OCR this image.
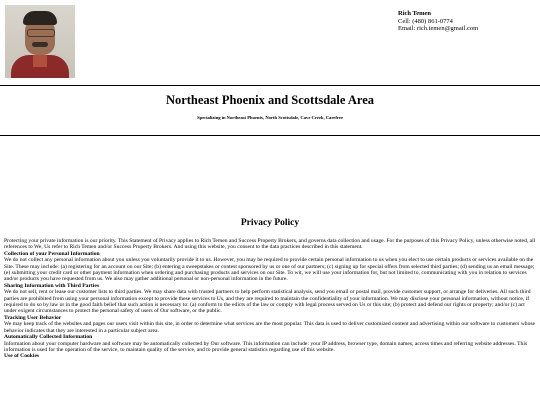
Rich Temen
Cell: (480) 861-0774
Email: rich.temen@gmail.com
Northeast Phoenix and Scottsdale Area
Specializing in Northeast Phoenix, North Scottsdale, Cave Creek, Carefree
Privacy Policy

Protecting your private information is our priority. This Statement of Privacy applies to Rich Temen and Success Property Brokers, and governs data collection and usage. For the purposes of this Privacy Policy, unless otherwise noted, all references to We, Us refer to Rich Temen and/or Success Property Brokers. And using this website, you consent to the data practices described in this statement.

Collection of your Personal Information

We do not collect any personal information about you unless you voluntarily provide it to us. However, you may be required to provide certain personal information to us when you elect to use certain products or services available on the Site. These may include: (a) registering for an account on our Site; (b) entering a sweepstakes or contest sponsored by us or one of our partners; (c) signing up for special offers from selected third parties; (d) sending us an email message; (e) submitting your credit card or other payment information when ordering and purchasing products and services on our Site. To wit, we will use your information for, but not limited to, communicating with you in relation to services and/or products you have requested from us. We also may gather additional personal or non-personal information in the future.

Sharing Information with Third Parties

We do not sell, rent or lease our customer lists to third parties. We may share data with trusted partners to help perform statistical analysis, send you email or postal mail, provide customer support, or arrange for deliveries. All such third parties are prohibited from using your personal information except to provide these services to Us, and they are required to maintain the confidentiality of your information. We may disclose your personal information, without notice, if required to do so by law or in the good faith belief that such action is necessary to: (a) conform to the edicts of the law or comply with legal process served on Us or this site; (b) protect and defend our rights or property; and/or (c) act under exigent circumstances to protect the personal safety of users of Our software, or the public.

Tracking User Behavior

We may keep track of the websites and pages our users visit within this site, in order to determine what services are the most popular. This data is used to deliver customized content and advertising within our software to customers whose behavior indicates that they are interested in a particular subject area.

Automatically Collected Information

Information about your computer hardware and software may be automatically collected by Our software. This information can include: your IP address, browser type, domain names, access times and referring website addresses. This information is used for the operation of the service, to maintain quality of the service, and to provide general statistics regarding use of this website.

Use of Cookies
